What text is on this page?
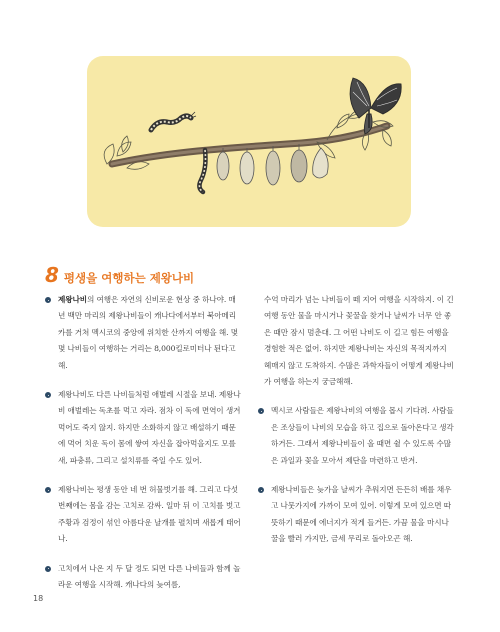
8 평생을 여행하는 제왕나비

제왕나비의 여행은 자연의 신비로운 현상 중 하나야. 매년 백만 마리의 제왕나비들이 캐나다에서부터 북아메리카를 거쳐 멕시코의 중앙에 위치한 산까지 여행을 해. 몇몇 나비들이 여행하는 거리는 8,000킬로미터나 된다고 해.

제왕나비도 다른 나비들처럼 애벌레 시절을 보내. 제왕나비 애벌레는 독초를 먹고 자라. 점차 이 독에 면역이 생겨 먹어도 죽지 않지. 하지만 소화하지 않고 배설하기 때문에 먹어 치운 독이 몸에 쌓여 자신을 잡아먹을지도 모를 새, 파충류, 그리고 설치류를 죽일 수도 있어.

제왕나비는 평생 동안 네 번 허물벗기를 해. 그리고 다섯 번째에는 몸을 감는 고치로 감싸. 일마 뒤 이 고치를 벗고 주황과 검정이 섞인 아름다운 날개를 펼치며 새롭게 태어나.

고치에서 나온 지 두 달 정도 되면 다른 나비들과 함께 놀라운 여행을 시작해. 캐나다의 늦여름,

수억 마리가 넘는 나비들이 떼 지어 여행을 시작하지. 이 긴 여행 동안 물을 마시거나 꽃꿀을 찾거나 날씨가 너무 안 좋은 때만 잠시 멈춘대. 그 어떤 나비도 이 길고 힘든 여행을 경험한 적은 없어. 하지만 제왕나비는 자신의 목적지까지 헤매지 않고 도착하지. 수많은 과학자들이 어떻게 제왕나비가 여행을 하는지 궁금해해.

멕시코 사람들은 제왕나비의 여행을 몹시 기다려. 사람들은 조상들이 나비의 모습을 하고 집으로 돌아온다고 생각하거든. 그래서 제왕나비들이 올 때면 쉴 수 있도록 수많은 과일과 꽃을 모아서 제단을 마련하고 반겨.

제왕나비들은 늦가을 날씨가 추워지면 든든히 배를 채우고 나뭇가지에 가까이 모여 있어. 이렇게 모여 있으면 따뜻하기 때문에 에너지가 적게 들거든. 가끔 물을 마시나 꿀을 빨러 가지만, 금세 무리로 돌아오곤 해.

18
